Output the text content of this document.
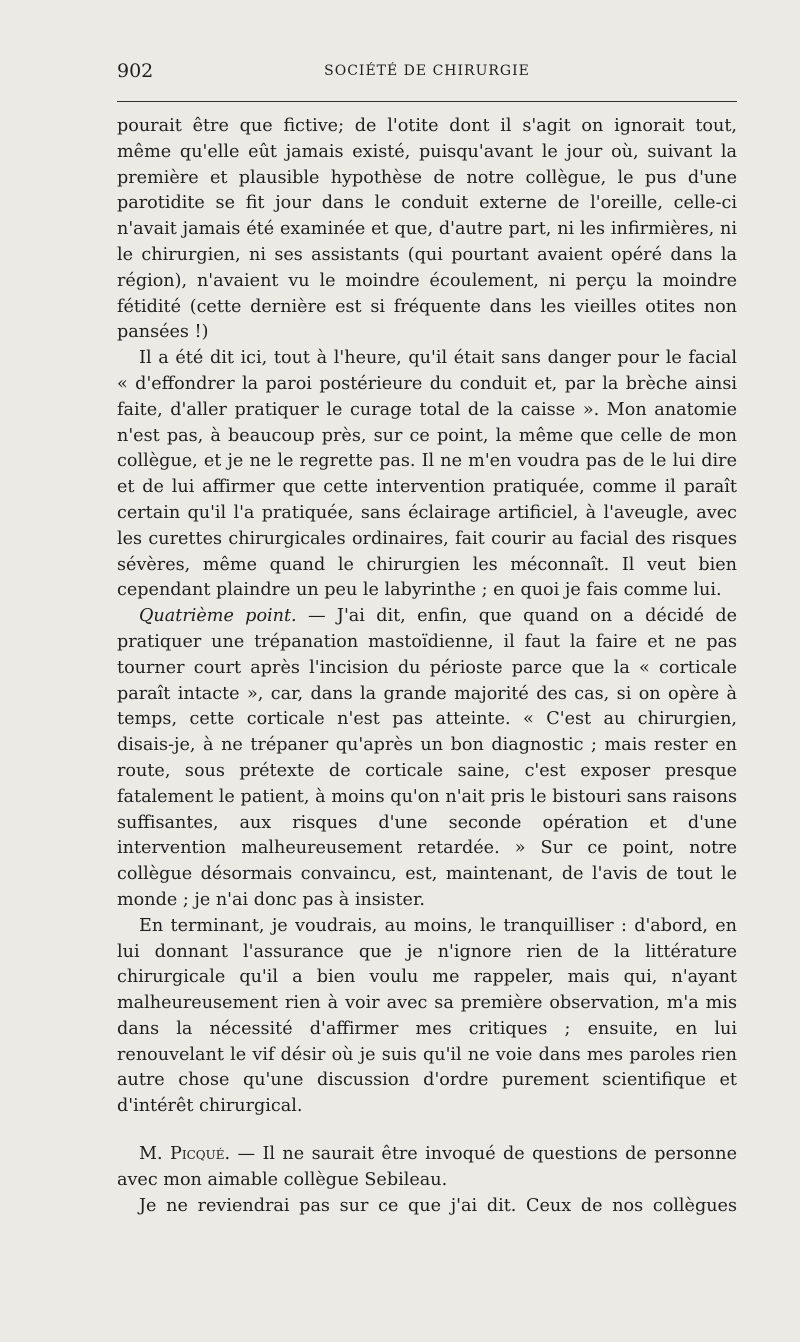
902	SOCIÉTÉ DE CHIRURGIE

pourait être que fictive; de l'otite dont il s'agit on ignorait tout, même qu'elle eût jamais existé, puisqu'avant le jour où, suivant la première et plausible hypothèse de notre collègue, le pus d'une parotidite se fit jour dans le conduit externe de l'oreille, celle-ci n'avait jamais été examinée et que, d'autre part, ni les infirmières, ni le chirurgien, ni ses assistants (qui pourtant avaient opéré dans la région), n'avaient vu le moindre écoulement, ni perçu la moindre fétidité (cette dernière est si fréquente dans les vieilles otites non pansées !)

Il a été dit ici, tout à l'heure, qu'il était sans danger pour le facial « d'effondrer la paroi postérieure du conduit et, par la brèche ainsi faite, d'aller pratiquer le curage total de la caisse ». Mon anatomie n'est pas, à beaucoup près, sur ce point, la même que celle de mon collègue, et je ne le regrette pas. Il ne m'en voudra pas de le lui dire et de lui affirmer que cette intervention pratiquée, comme il paraît certain qu'il l'a pratiquée, sans éclairage artificiel, à l'aveugle, avec les curettes chirurgicales ordinaires, fait courir au facial des risques sévères, même quand le chirurgien les méconnaît. Il veut bien cependant plaindre un peu le labyrinthe ; en quoi je fais comme lui.

Quatrième point. — J'ai dit, enfin, que quand on a décidé de pratiquer une trépanation mastoïdienne, il faut la faire et ne pas tourner court après l'incision du périoste parce que la « corticale paraît intacte », car, dans la grande majorité des cas, si on opère à temps, cette corticale n'est pas atteinte. « C'est au chirurgien, disais-je, à ne trépaner qu'après un bon diagnostic ; mais rester en route, sous prétexte de corticale saine, c'est exposer presque fatalement le patient, à moins qu'on n'ait pris le bistouri sans raisons suffisantes, aux risques d'une seconde opération et d'une intervention malheureusement retardée. » Sur ce point, notre collègue désormais convaincu, est, maintenant, de l'avis de tout le monde ; je n'ai donc pas à insister.

En terminant, je voudrais, au moins, le tranquilliser : d'abord, en lui donnant l'assurance que je n'ignore rien de la littérature chirurgicale qu'il a bien voulu me rappeler, mais qui, n'ayant malheureusement rien à voir avec sa première observation, m'a mis dans la nécessité d'affirmer mes critiques ; ensuite, en lui renouvelant le vif désir où je suis qu'il ne voie dans mes paroles rien autre chose qu'une discussion d'ordre purement scientifique et d'intérêt chirurgical.

M. Picqué. — Il ne saurait être invoqué de questions de personne avec mon aimable collègue Sebileau.

Je ne reviendrai pas sur ce que j'ai dit. Ceux de nos collègues
